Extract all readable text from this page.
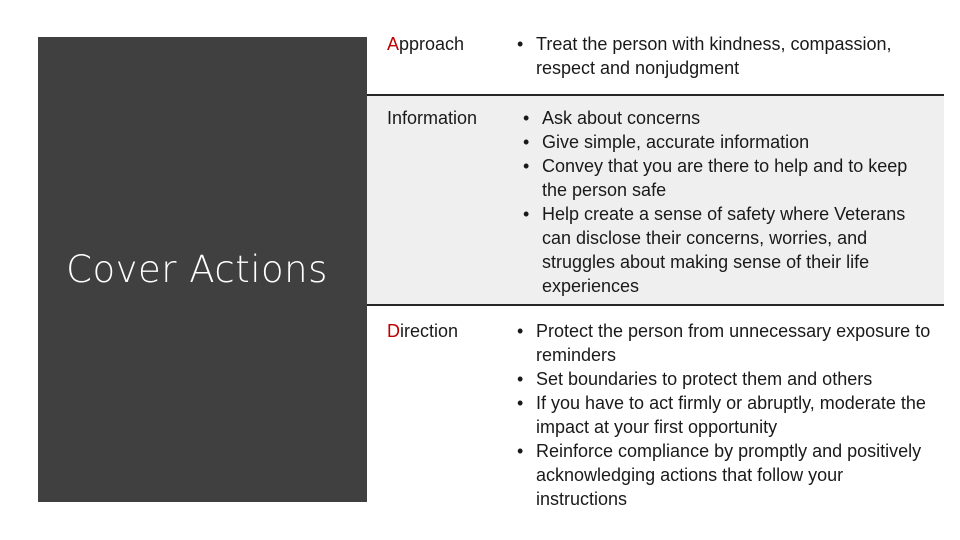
Cover Actions
Approach	• Treat the person with kindness, compassion, respect and nonjudgment
Information	• Ask about concerns
• Give simple, accurate information
• Convey that you are there to help and to keep the person safe
• Help create a sense of safety where Veterans can disclose their concerns, worries, and struggles about making sense of their life experiences
Direction	• Protect the person from unnecessary exposure to reminders
• Set boundaries to protect them and others
• If you have to act firmly or abruptly, moderate the impact at your first opportunity
• Reinforce compliance by promptly and positively acknowledging actions that follow your instructions
